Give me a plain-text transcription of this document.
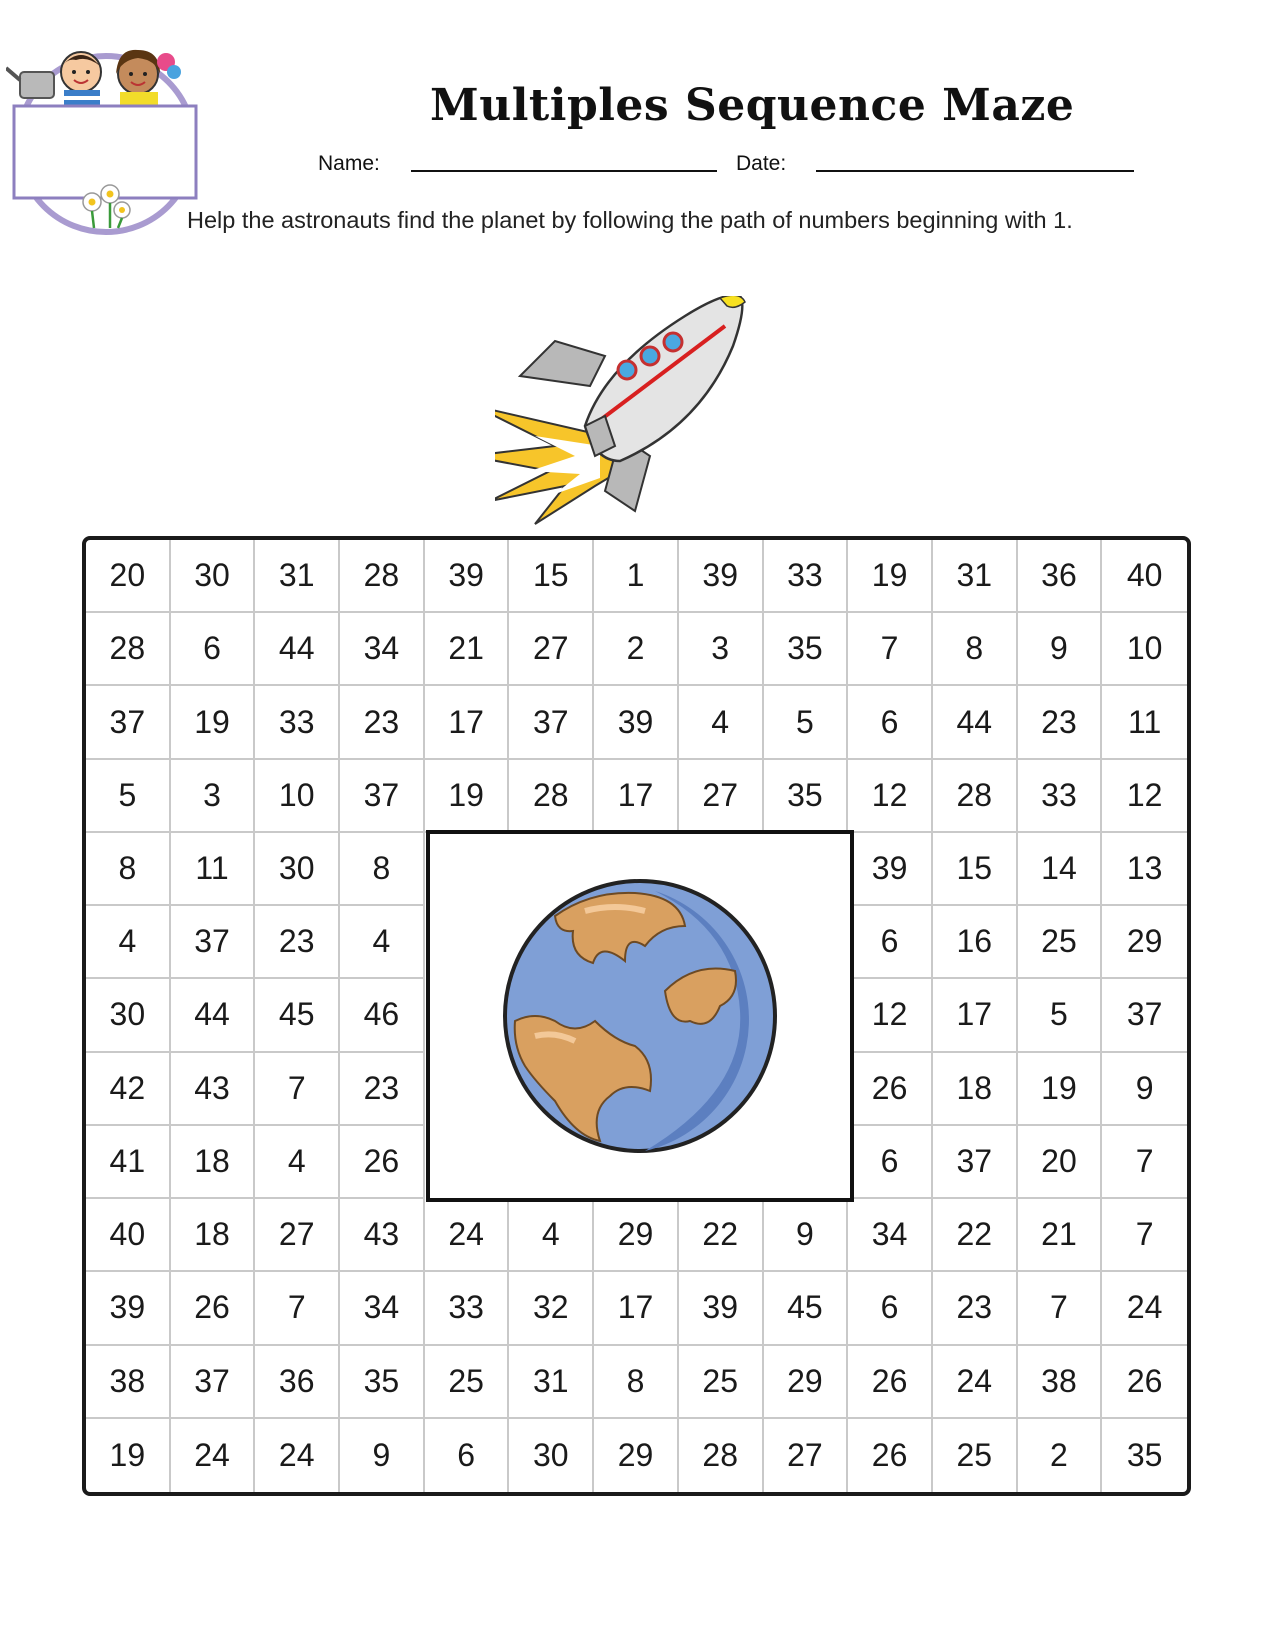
Multiples Sequence Maze
Name:	Date:
Help the astronauts find the planet by following the path of numbers beginning with 1.
20	30	31	28	39	15	1	39	33	19	31	36	40
28	6	44	34	21	27	2	3	35	7	8	9	10
37	19	33	23	17	37	39	4	5	6	44	23	11
5	3	10	37	19	28	17	27	35	12	28	33	12
8	11	30	8	39	15	14	13
4	37	23	4	6	16	25	29
30	44	45	46	12	17	5	37
42	43	7	23	26	18	19	9
41	18	4	26	6	37	20	7
40	18	27	43	24	4	29	22	9	34	22	21	7
39	26	7	34	33	32	17	39	45	6	23	7	24
38	37	36	35	25	31	8	25	29	26	24	38	26
19	24	24	9	6	30	29	28	27	26	25	2	35
